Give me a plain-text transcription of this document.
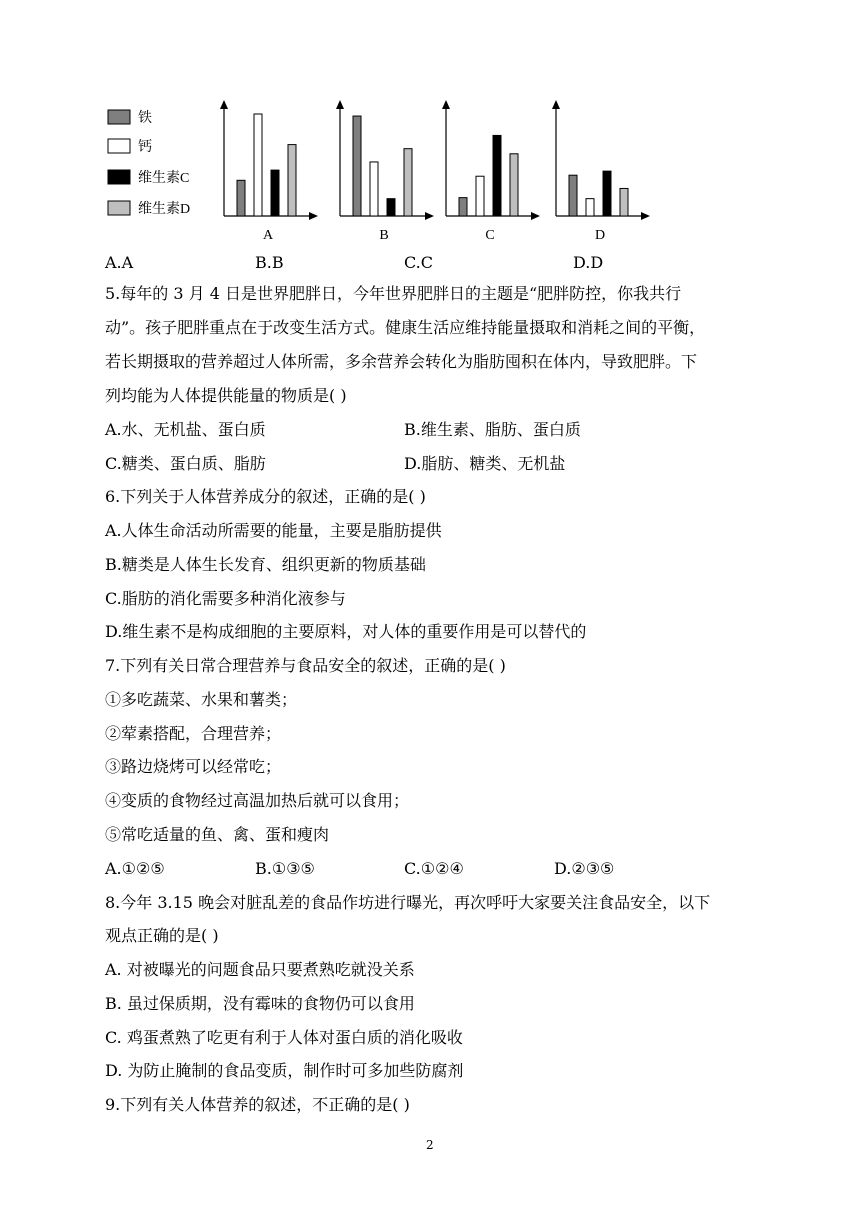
铁
钙
维生素C
维生素D
A	B	C	D
A.A	B.B	C.C	D.D
5.每年的 3 月 4 日是世界肥胖日，今年世界肥胖日的主题是“肥胖防控，你我共行
动”。孩子肥胖重点在于改变生活方式。健康生活应维持能量摄取和消耗之间的平衡，
若长期摄取的营养超过人体所需，多余营养会转化为脂肪囤积在体内，导致肥胖。下
列均能为人体提供能量的物质是( )
A.水、无机盐、蛋白质	B.维生素、脂肪、蛋白质
C.糖类、蛋白质、脂肪	D.脂肪、糖类、无机盐
6.下列关于人体营养成分的叙述，正确的是( )
A.人体生命活动所需要的能量，主要是脂肪提供
B.糖类是人体生长发育、组织更新的物质基础
C.脂肪的消化需要多种消化液参与
D.维生素不是构成细胞的主要原料，对人体的重要作用是可以替代的
7.下列有关日常合理营养与食品安全的叙述，正确的是( )
①多吃蔬菜、水果和薯类；
②荤素搭配，合理营养；
③路边烧烤可以经常吃；
④变质的食物经过高温加热后就可以食用；
⑤常吃适量的鱼、禽、蛋和瘦肉
A.①②⑤	B.①③⑤	C.①②④	D.②③⑤
8.今年 3.15 晚会对脏乱差的食品作坊进行曝光，再次呼吁大家要关注食品安全，以下
观点正确的是( )
A. 对被曝光的问题食品只要煮熟吃就没关系
B. 虽过保质期，没有霉味的食物仍可以食用
C. 鸡蛋煮熟了吃更有利于人体对蛋白质的消化吸收
D. 为防止腌制的食品变质，制作时可多加些防腐剂
9.下列有关人体营养的叙述，不正确的是( )
2
